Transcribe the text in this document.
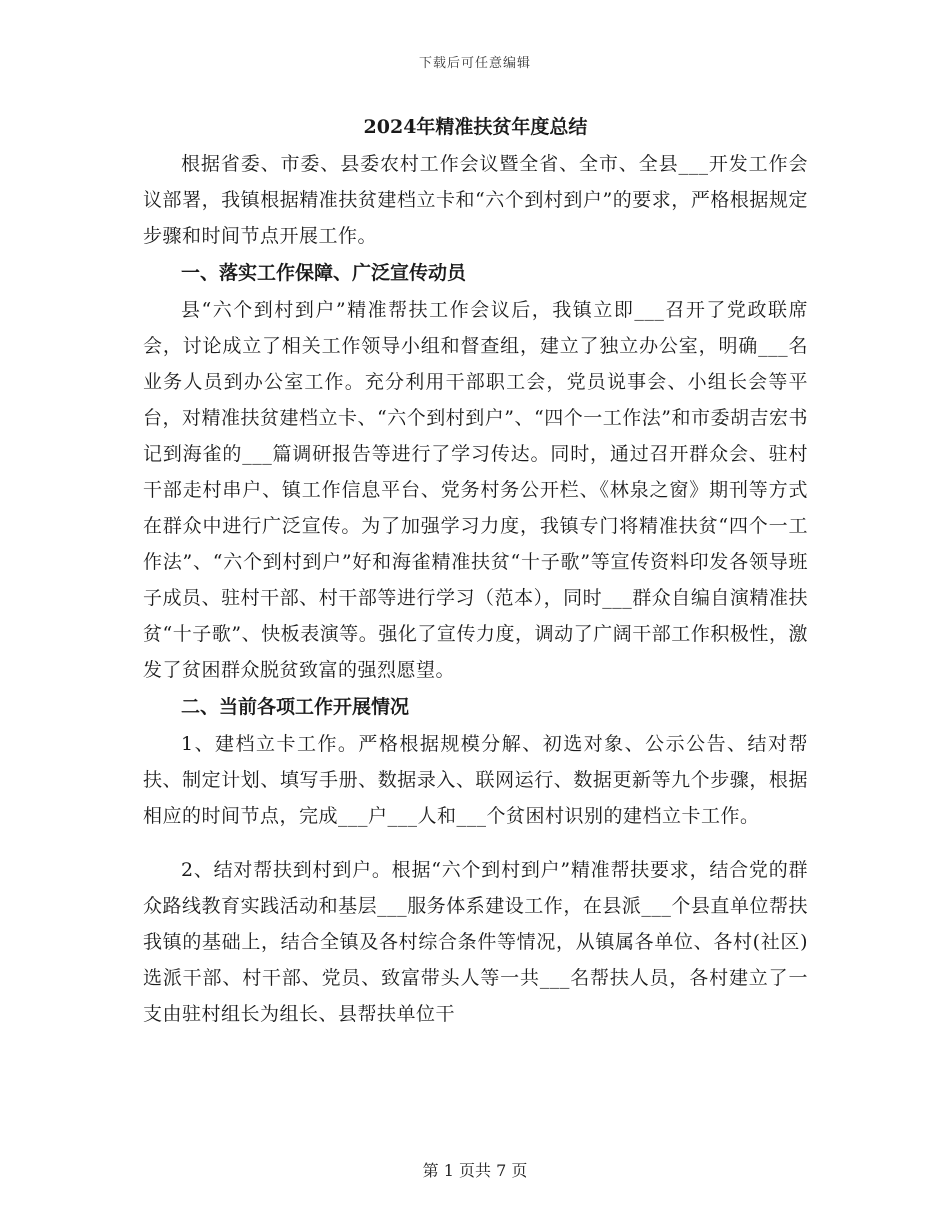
下载后可任意编辑

2024年精准扶贫年度总结

根据省委、市委、县委农村工作会议暨全省、全市、全县___开发工作会议部署，我镇根据精准扶贫建档立卡和“六个到村到户”的要求，严格根据规定步骤和时间节点开展工作。

一、落实工作保障、广泛宣传动员

县“六个到村到户”精准帮扶工作会议后，我镇立即___召开了党政联席会，讨论成立了相关工作领导小组和督查组，建立了独立办公室，明确___名业务人员到办公室工作。充分利用干部职工会，党员说事会、小组长会等平台，对精准扶贫建档立卡、“六个到村到户”、“四个一工作法”和市委胡吉宏书记到海雀的___篇调研报告等进行了学习传达。同时，通过召开群众会、驻村干部走村串户、镇工作信息平台、党务村务公开栏、《林泉之窗》期刊等方式在群众中进行广泛宣传。为了加强学习力度，我镇专门将精准扶贫“四个一工作法”、“六个到村到户”好和海雀精准扶贫“十子歌”等宣传资料印发各领导班子成员、驻村干部、村干部等进行学习（范本），同时___群众自编自演精准扶贫“十子歌”、快板表演等。强化了宣传力度，调动了广阔干部工作积极性，激发了贫困群众脱贫致富的强烈愿望。

二、当前各项工作开展情况

1、建档立卡工作。严格根据规模分解、初选对象、公示公告、结对帮扶、制定计划、填写手册、数据录入、联网运行、数据更新等九个步骤，根据相应的时间节点，完成___户___人和___个贫困村识别的建档立卡工作。

2、结对帮扶到村到户。根据“六个到村到户”精准帮扶要求，结合党的群众路线教育实践活动和基层___服务体系建设工作，在县派___个县直单位帮扶我镇的基础上，结合全镇及各村综合条件等情况，从镇属各单位、各村(社区)选派干部、村干部、党员、致富带头人等一共___名帮扶人员，各村建立了一支由驻村组长为组长、县帮扶单位干

第 1 页共 7 页
